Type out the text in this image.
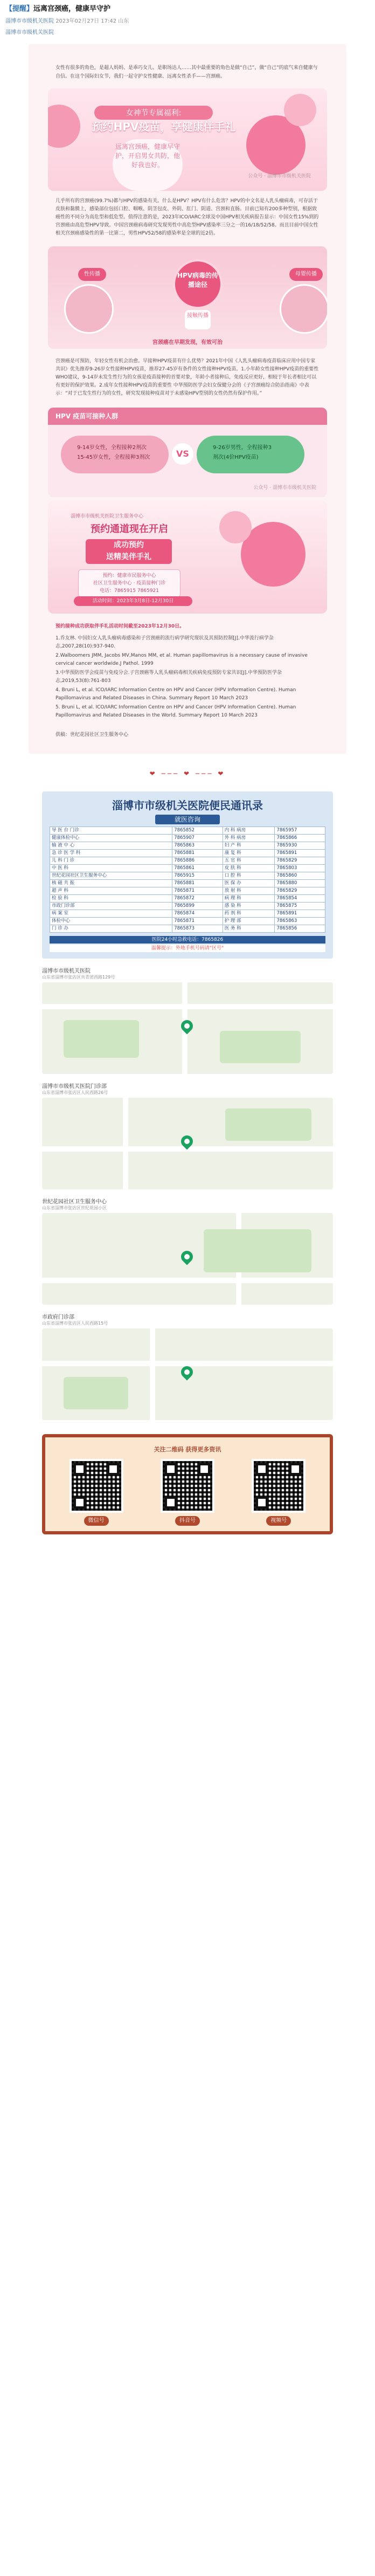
【提醒】远离宫颈癌，健康早守护
淄博市市级机关医院 2023年02月27日 17:42 山东
淄博市市级机关医院
女性有很多的角色，是超人妈妈、是乖巧女儿、是职场达人……其中最重要的角色是做“自己”，做“自己”的底气来自健康与自信。在这个国际妇女节，我们一起守护女性健康、远离女性杀手——宫颈癌。
女神节专属福利:
预约HPV疫苗，享健康伴手礼
远离宫颈癌，健康早守护，开启男女共防，他好我也好。
公众号 · 淄博市市级机关医院
几乎所有的宫颈癌(99.7%)都与HPV的感染有关。什么是HPV？HPV有什么危害？HPV的中文名是人乳头瘤病毒，可存活于皮肤和黏膜上，感染部位包括口腔、咽喉、阴茎包皮、外阴、肛门、阴道、宫颈和直肠。目前已知有200多种型别，根据致癌性的不同分为高危型和低危型。值得注意的是，2023年ICO/IARC全球及中国HPV相关疾病报告显示：中国女性15%到的宫颈癌由高危型HPV导致。中国宫颈癌病毒研究发现男性中高危型HPV感染率三分之一的16/18/52/58。而且目前中国女性相关宫颈癌感染性的第一比第二，男性HPV52/58的感染率是全球的近2倍。
性传播	母婴传播
HPV病毒的传播途径
接触传播
宫颈癌在早期发现，有效可治
宫颈癌是可预防，年轻女性有机会治愈。早接种HPV疫苗有什么优势？2021年中国《人乳头瘤病毒疫苗临床应用中国专家共识》优先推荐9-26岁女性接种HPV疫苗，推荐27-45岁有条件的女性接种HPV疫苗。1.小年龄女性接种HPV疫苗的重要性 WHO建议，9-14岁未发生性行为的女孩是疫苗接种的首要对象，年龄小者接种后，免疫反应更好，相较于年长者相比可以有更好的保护效果。2.成年女性接种HPV疫苗的重要性 中华预防医学会妇女保健分会的《子宫颈癌综合防治指南》中表示：“对于已发生性行为的女性，研究发现接种疫苗对于未感染HPV型别的女性仍然有保护作用。”
HPV 疫苗可接种人群
9-14岁女性，全程接种2剂次
15-45岁女性，全程接种3剂次	VS
9-26岁男性，全程接种3
剂次(4价HPV疫苗)
公众号 · 淄博市市级机关医院
淄博市市级机关医院卫生服务中心
预约通道现在开启
成功预约
送精美伴手礼
预约：健康市民服务中心
社区卫生服务中心 · 疫苗接种门诊
电话：7865915 7865921
活动时间：2023年3月8日-12月30日
预约接种成功获取伴手礼活动时间截至2023年12月30日。

1.乔友林. 中国妇女人乳头瘤病毒感染和子宫颈癌的流行病学研究现状及其预防控制[J].中华流行病学杂志,2007,28(10):937-940.

2.Walboomers JMM, Jacobs MV,Manos MM, et al. Human papillomavirus is a necessary cause of invasive cervical cancer worldwide.J Pathol. 1999

3.中华预防医学会疫苗与免疫分会.子宫颈癌等人乳头瘤病毒相关疾病免疫预防专家共识[J].中华预防医学杂志,2019,53(8):761-803

4. Bruni L, et al. ICO/IARC Information Centre on HPV and Cancer (HPV Information Centre). Human Papillomavirus and Related Diseases in China. Summary Report 10 March 2023

5. Bruni L, et al. ICO/IARC Information Centre on HPV and Cancer (HPV Information Centre). Human Papillomavirus and Related Diseases in the World. Summary Report 10 March 2023

供稿：世纪花园社区卫生服务中心
❤ ─── ❤ ─── ❤
淄博市市级机关医院便民通讯录
就医咨询
导 医 台 门诊	7865852	内 科 病房	7865957
健康体检中心	7865907	外 科 病房	7865866
输 液 中 心	7865863	妇 产 科	7865930
急 诊 医 学 科	7865881	康 复 科	7865891
儿 科 门 诊	7865886	五 官 科	7865829
中 医 科	7865861	皮 肤 科	7865803
世纪花园社区卫生服务中心	7865915	口 腔 科	7865860
核 磁 共 振	7865881	医 保 办	7865880
超 声 科	7865871	放 射 科	7865829
检 验 科	7865872	病 理 科	7865854
市政门诊部	7865899	感 染 科	7865875
病 案 室	7865874	药 剂 科	7865891
体检中心	7865871	护 理 部	7865863
门 诊 办	7865873	医 务 科	7865856
医院24小时急救电话：7865826
温馨提示：外地手机号码请"区号"
淄博市市级机关医院
山东省淄博市张店区共青团西路129号
淄博市市级机关医院门诊部
山东省淄博市张店区人民西路26号
世纪花园社区卫生服务中心
山东省淄博市张店区世纪花园小区
市政府门诊部
山东省淄博市张店区人民西路15号
关注二维码 获得更多资讯
微信号	抖音号	视频号
